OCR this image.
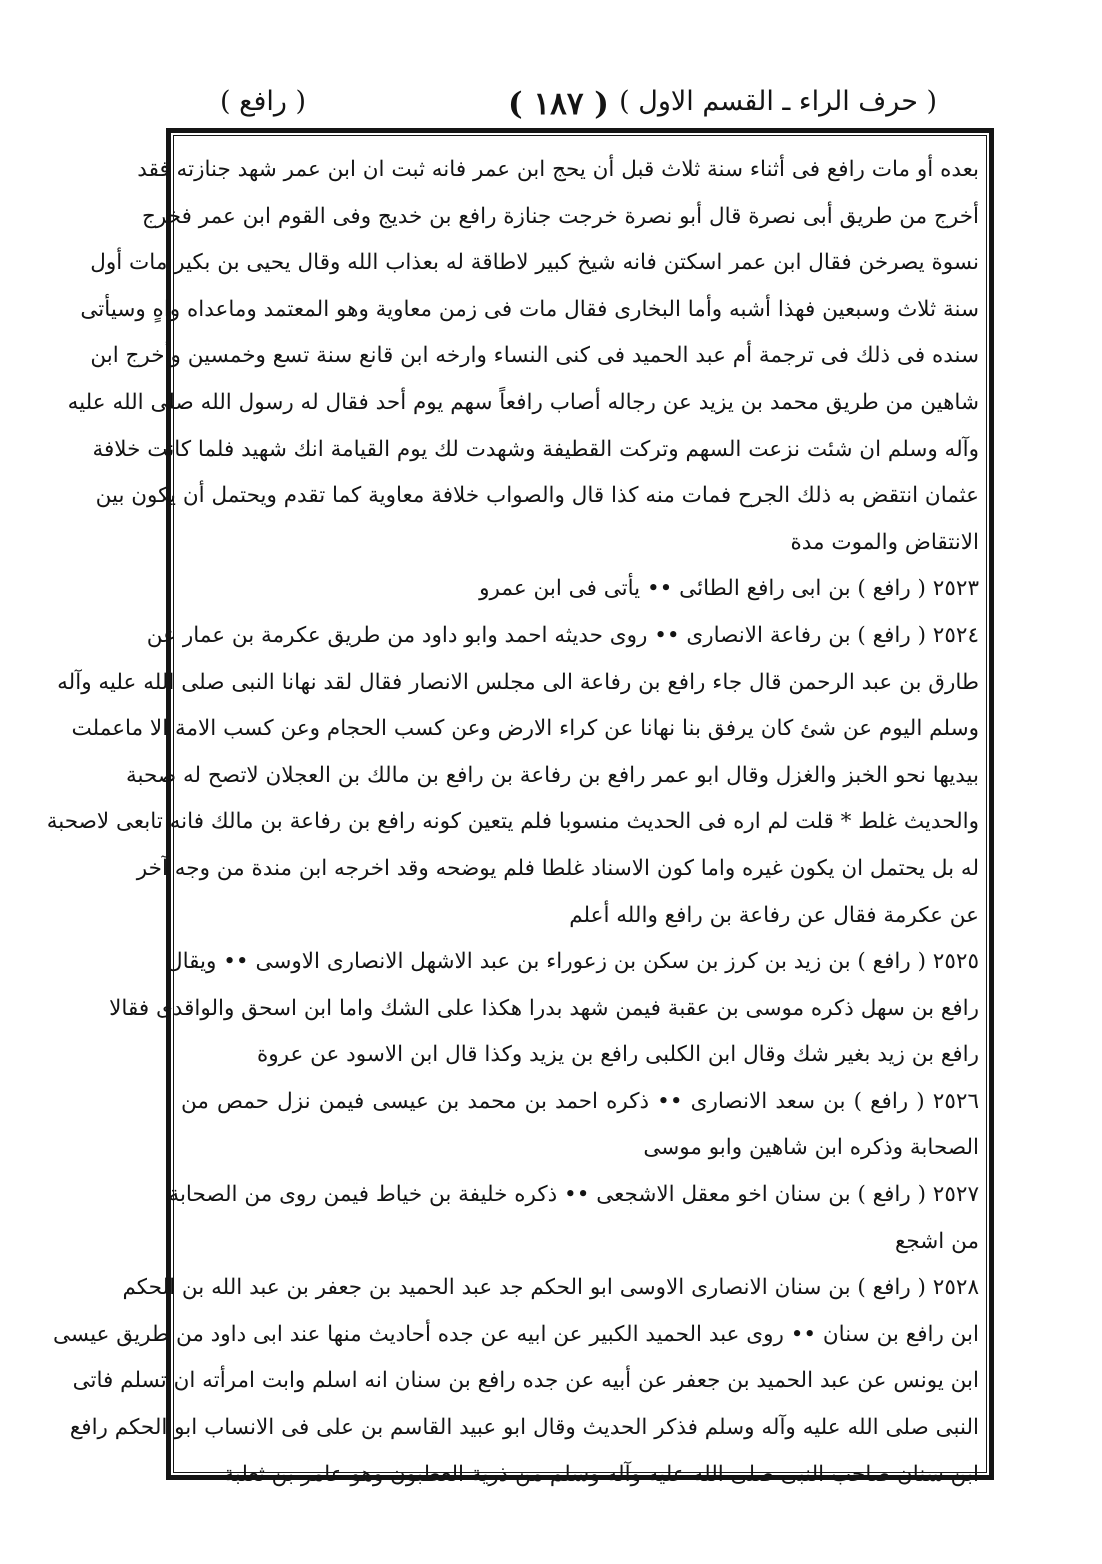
( حرف الراء ـ القسم الاول )
( ١٨٧ )
( رافع )
بعده أو مات رافع فى أثناء سنة ثلاث قبل أن يحج ابن عمر فانه ثبت ان ابن عمر شهد جنازته فقد
أخرج من طريق أبى نصرة قال أبو نصرة خرجت جنازة رافع بن خديج وفى القوم ابن عمر فخرج
نسوة يصرخن فقال ابن عمر اسكتن فانه شيخ كبير لاطاقة له بعذاب الله وقال يحيى بن بكير مات أول
سنة ثلاث وسبعين فهذا أشبه وأما البخارى فقال مات فى زمن معاوية وهو المعتمد وماعداه واهٍ وسيأتى
سنده فى ذلك فى ترجمة أم عبد الحميد فى كنى النساء وارخه ابن قانع سنة تسع وخمسين وأخرج ابن
شاهين من طريق محمد بن يزيد عن رجاله أصاب رافعاً سهم يوم أحد فقال له رسول الله صلى الله عليه
وآله وسلم ان شئت نزعت السهم وتركت القطيفة وشهدت لك يوم القيامة انك شهيد فلما كانت خلافة
عثمان انتقض به ذلك الجرح فمات منه كذا قال والصواب خلافة معاوية كما تقدم ويحتمل أن يكون بين
الانتقاض والموت مدة
٢٥٢٣ ( رافع ) بن ابى رافع الطائى •• يأتى فى ابن عمرو
٢٥٢٤ ( رافع ) بن رفاعة الانصارى •• روى حديثه احمد وابو داود من طريق عكرمة بن عمار عن
طارق بن عبد الرحمن قال جاء رافع بن رفاعة الى مجلس الانصار فقال لقد نهانا النبى صلى الله عليه وآله
وسلم اليوم عن شئ كان يرفق بنا نهانا عن كراء الارض وعن كسب الحجام وعن كسب الامة الا ماعملت
بيديها نحو الخبز والغزل وقال ابو عمر رافع بن رفاعة بن رافع بن مالك بن العجلان لاتصح له صحبة
والحديث غلط * قلت لم اره فى الحديث منسوبا فلم يتعين كونه رافع بن رفاعة بن مالك فانه تابعى لاصحبة
له بل يحتمل ان يكون غيره واما كون الاسناد غلطا فلم يوضحه وقد اخرجه ابن مندة من وجه آخر
عن عكرمة فقال عن رفاعة بن رافع والله أعلم
٢٥٢٥ ( رافع ) بن زيد بن كرز بن سكن بن زعوراء بن عبد الاشهل الانصارى الاوسى •• ويقال
رافع بن سهل ذكره موسى بن عقبة فيمن شهد بدرا هكذا على الشك واما ابن اسحق والواقدى فقالا
رافع بن زيد بغير شك وقال ابن الكلبى رافع بن يزيد وكذا قال ابن الاسود عن عروة
٢٥٢٦ ( رافع ) بن سعد الانصارى •• ذكره احمد بن محمد بن عيسى فيمن نزل حمص من
الصحابة وذكره ابن شاهين وابو موسى
٢٥٢٧ ( رافع ) بن سنان اخو معقل الاشجعى •• ذكره خليفة بن خياط فيمن روى من الصحابة
من اشجع
٢٥٢٨ ( رافع ) بن سنان الانصارى الاوسى ابو الحكم جد عبد الحميد بن جعفر بن عبد الله بن الحكم
ابن رافع بن سنان •• روى عبد الحميد الكبير عن ابيه عن جده أحاديث منها عند ابى داود من طريق عيسى
ابن يونس عن عبد الحميد بن جعفر عن أبيه عن جده رافع بن سنان انه اسلم وابت امرأته ان تسلم فاتى
النبى صلى الله عليه وآله وسلم فذكر الحديث وقال ابو عبيد القاسم بن على فى الانساب ابو الحكم رافع
ابن سنان صاحب النبى صلى الله عليه وآله وسلم من ذرية العطبون وهو عامر بن ثعلبة
